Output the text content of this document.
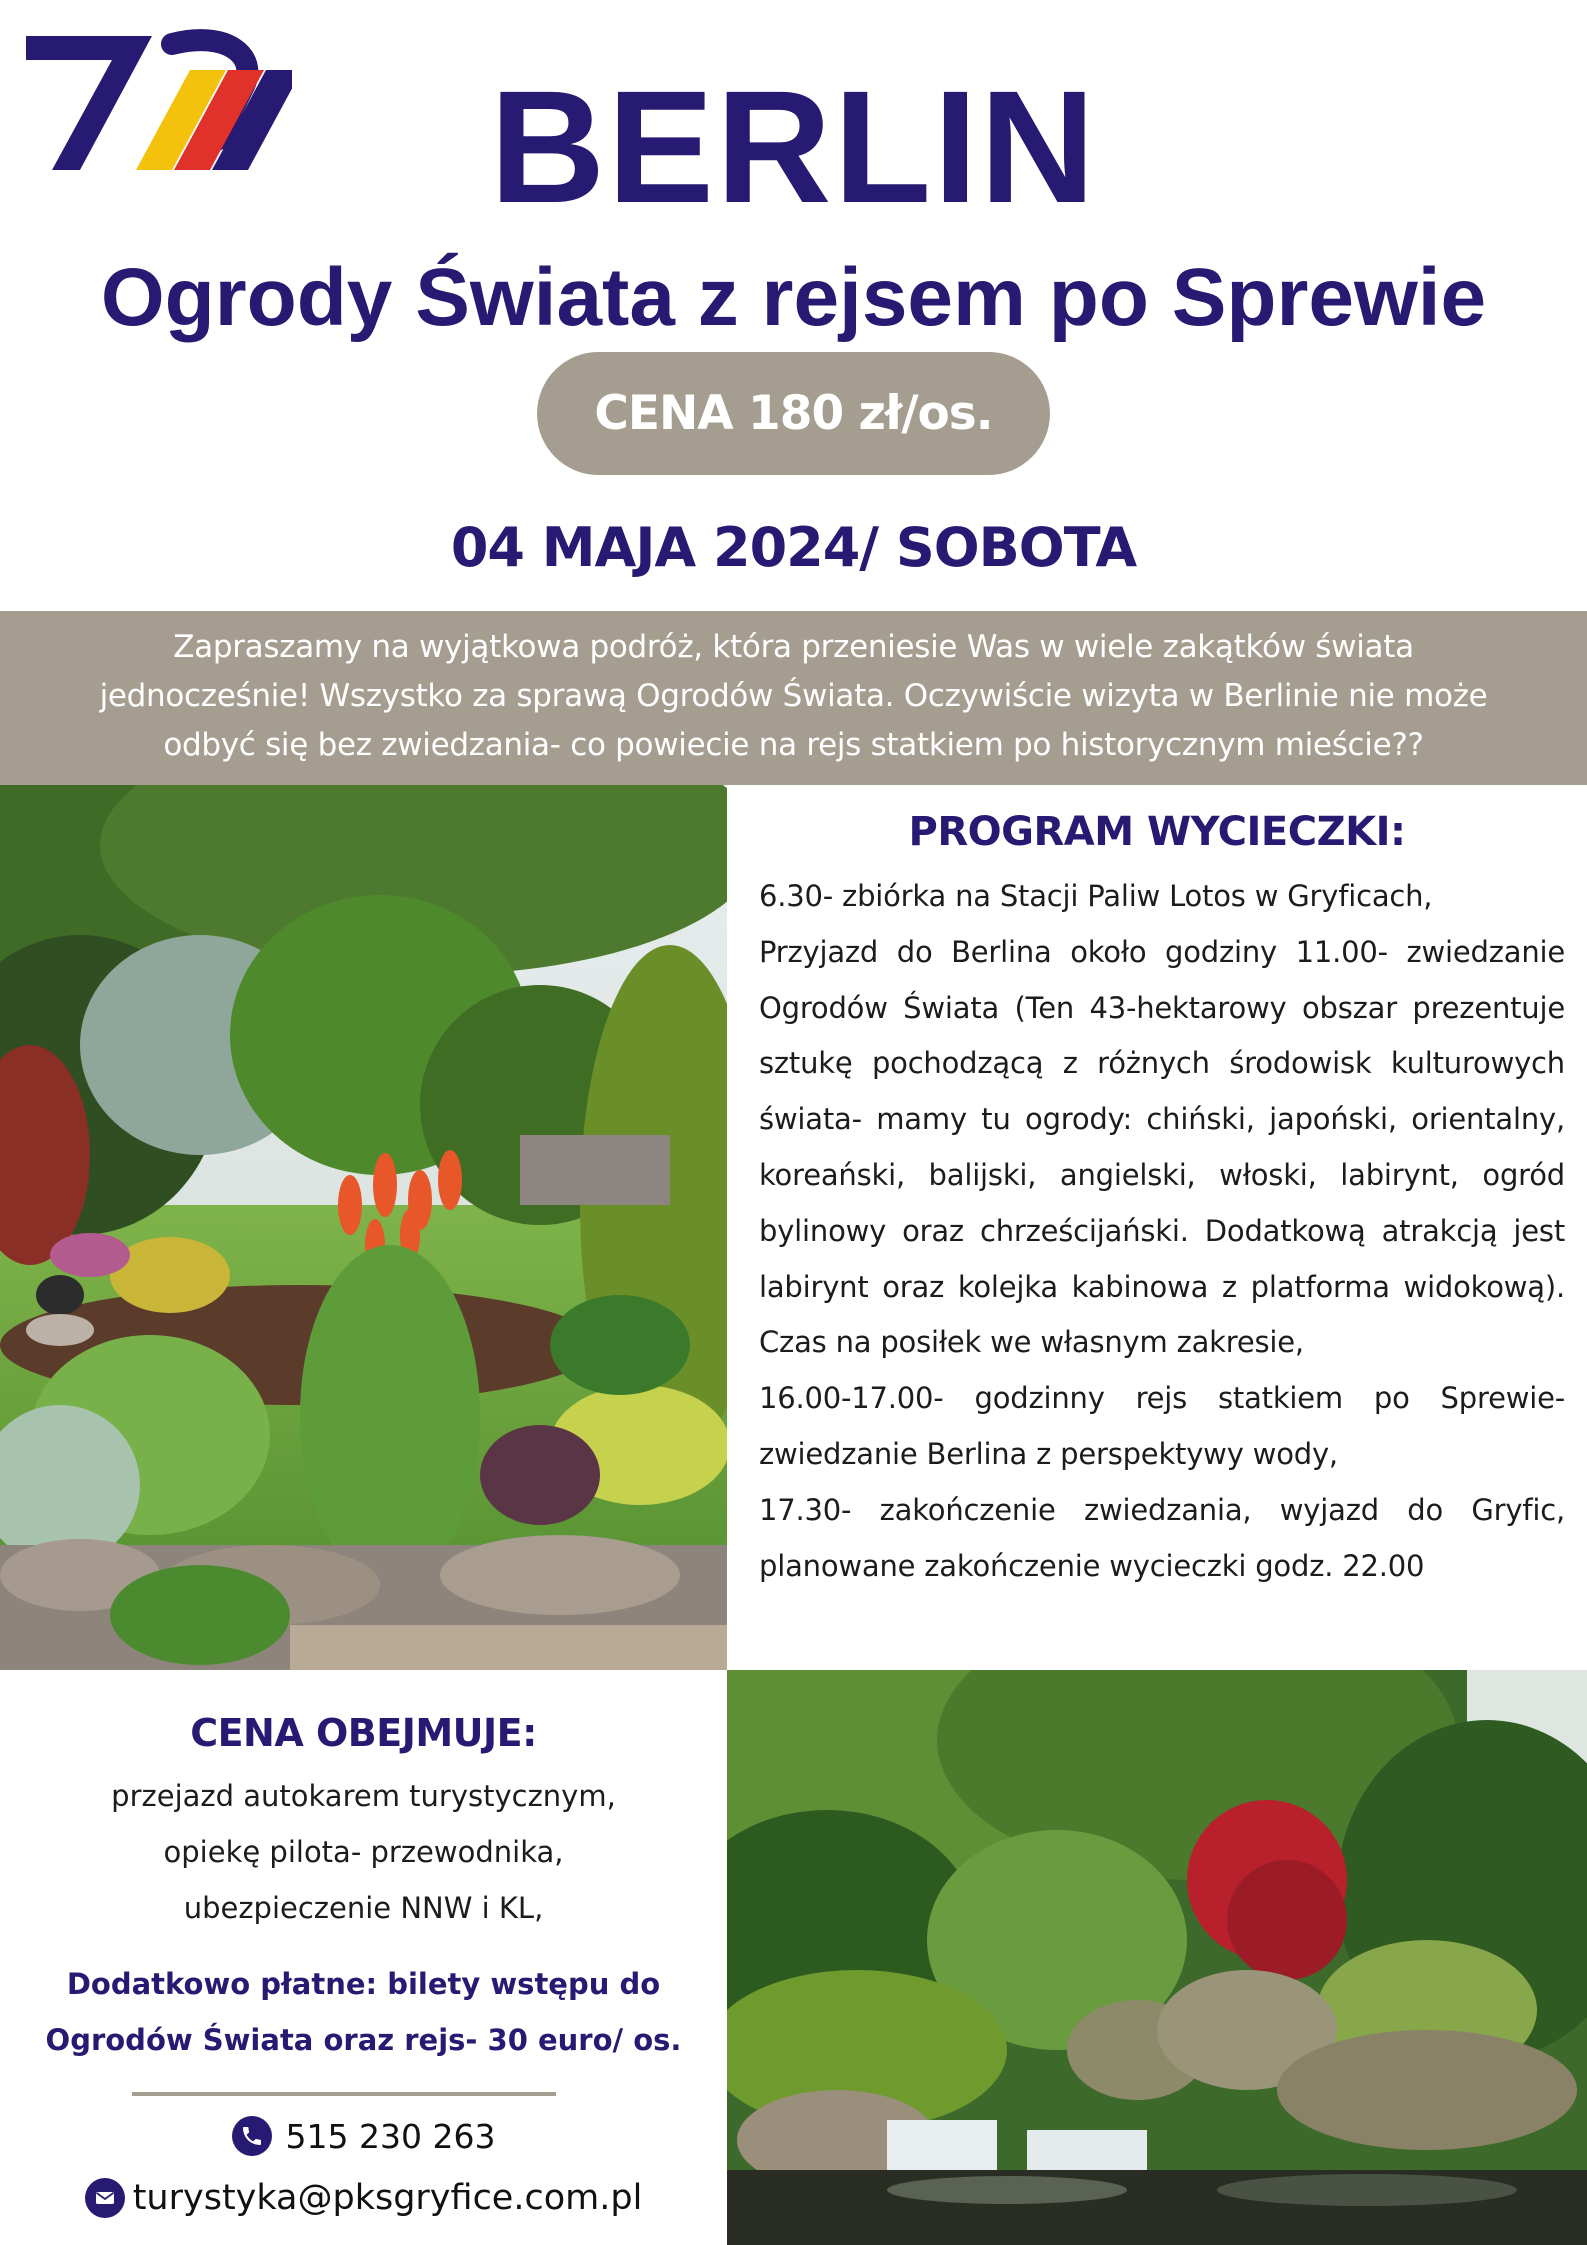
BERLIN
Ogrody Świata z rejsem po Sprewie
CENA 180 zł/os.
04 MAJA 2024/ SOBOTA

Zapraszamy na wyjątkowa podróż, która przeniesie Was w wiele zakątków świata
jednocześnie! Wszystko za sprawą Ogrodów Świata. Oczywiście wizyta w Berlinie nie może
odbyć się bez zwiedzania- co powiecie na rejs statkiem po historycznym mieście??

PROGRAM WYCIECZKI:

6.30- zbiórka na Stacji Paliw Lotos w Gryficach,

Przyjazd do Berlina około godziny 11.00- zwiedzanie Ogrodów Świata (Ten 43-hektarowy obszar prezentuje sztukę pochodzącą z różnych środowisk kulturowych świata- mamy tu ogrody: chiński, japoński, orientalny, koreański, balijski, angielski, włoski, labirynt, ogród bylinowy oraz chrześcijański. Dodatkową atrakcją jest labirynt oraz kolejka kabinowa z platforma widokową). Czas na posiłek we własnym zakresie,

16.00-17.00- godzinny rejs statkiem po Sprewie- zwiedzanie Berlina z perspektywy wody,

17.30- zakończenie zwiedzania, wyjazd do Gryfic, planowane zakończenie wycieczki godz. 22.00

CENA OBEJMUJE:
przejazd autokarem turystycznym,
opiekę pilota- przewodnika,
ubezpieczenie NNW i KL,
Dodatkowo płatne: bilety wstępu do
Ogrodów Świata oraz rejs- 30 euro/ os.
515 230 263
turystyka@pksgryfice.com.pl
